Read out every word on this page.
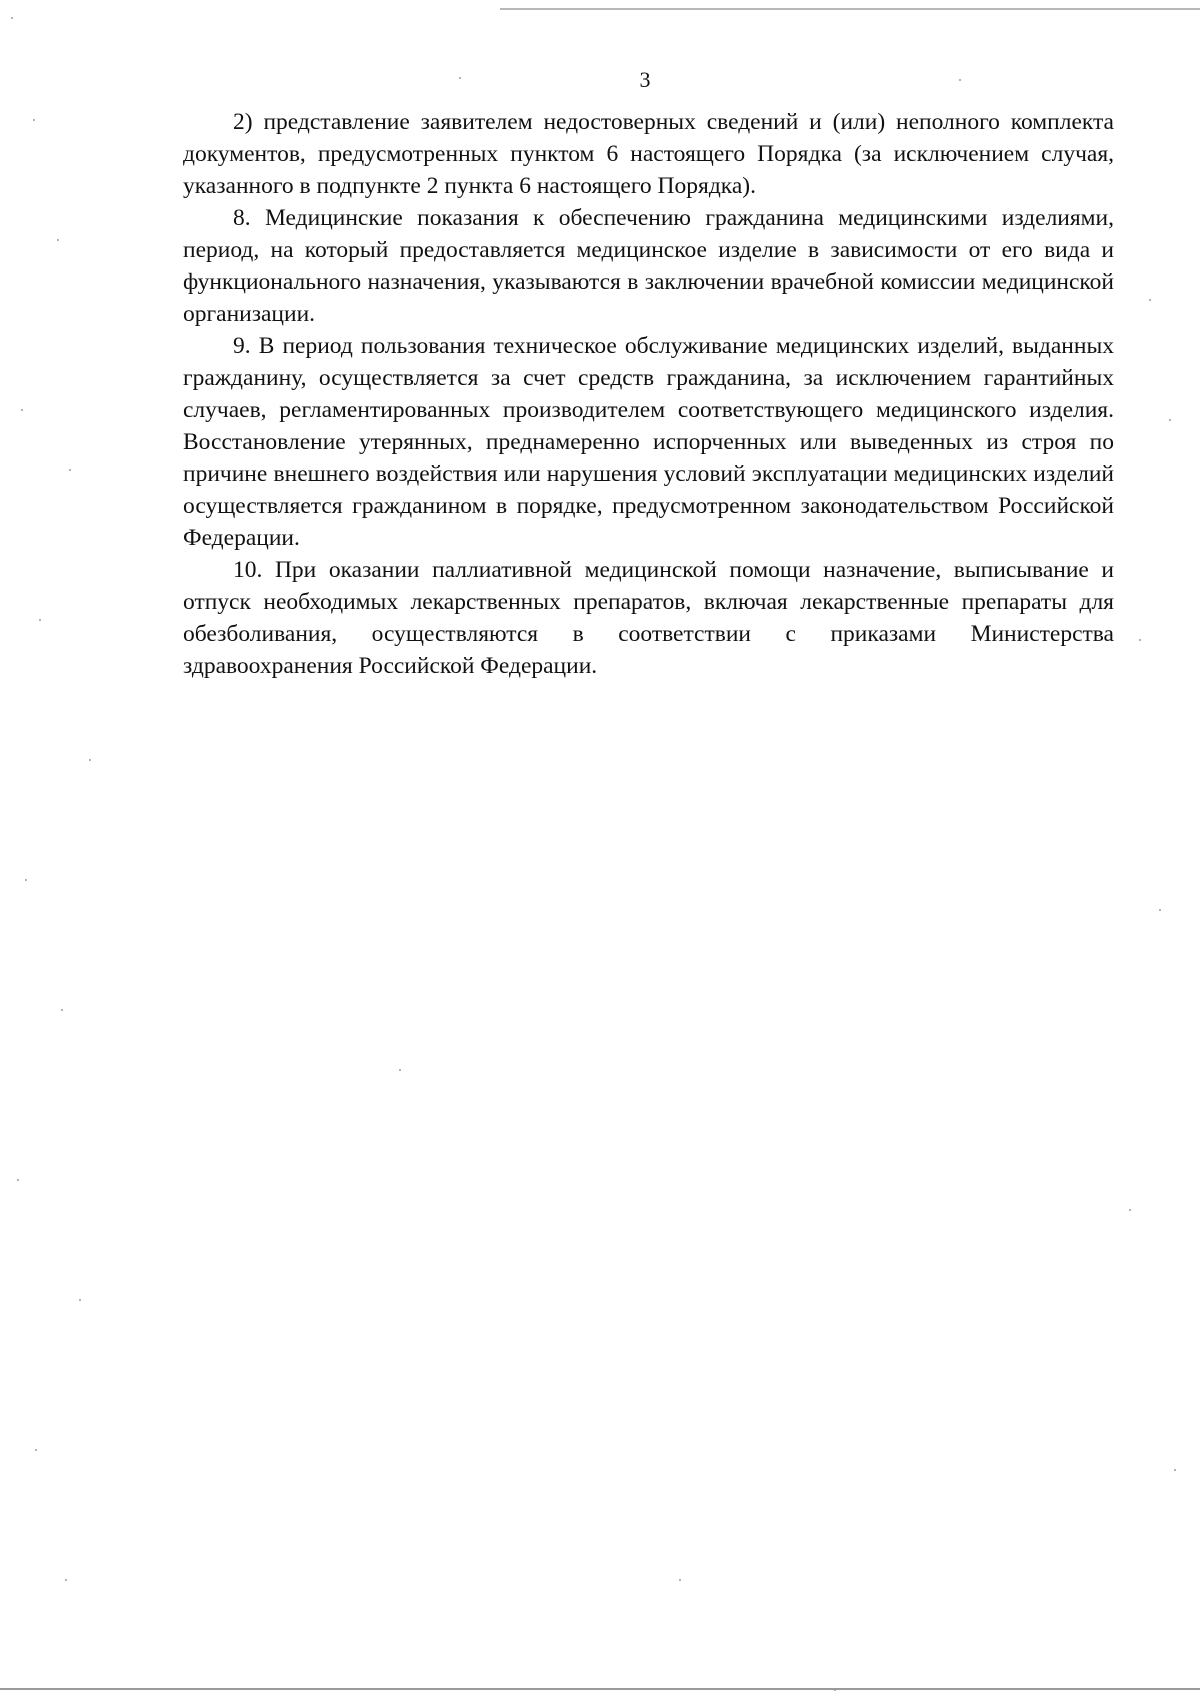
3

2) представление заявителем недостоверных сведений и (или) неполного комплекта документов, предусмотренных пунктом 6 настоящего Порядка (за исключением случая, указанного в подпункте 2 пункта 6 настоящего Порядка).

8. Медицинские показания к обеспечению гражданина медицинскими изделиями, период, на который предоставляется медицинское изделие в зависимости от его вида и функционального назначения, указываются в заключении врачебной комиссии медицинской организации.

9. В период пользования техническое обслуживание медицинских изделий, выданных гражданину, осуществляется за счет средств гражданина, за исключением гарантийных случаев, регламентированных производителем соответствующего медицинского изделия. Восстановление утерянных, преднамеренно испорченных или выведенных из строя по причине внешнего воздействия или нарушения условий эксплуатации медицинских изделий осуществляется гражданином в порядке, предусмотренном законодательством Российской Федерации.

10. При оказании паллиативной медицинской помощи назначение, выписывание и отпуск необходимых лекарственных препаратов, включая лекарственные препараты для обезболивания, осуществляются в соответствии с приказами Министерства здравоохранения Российской Федерации.
